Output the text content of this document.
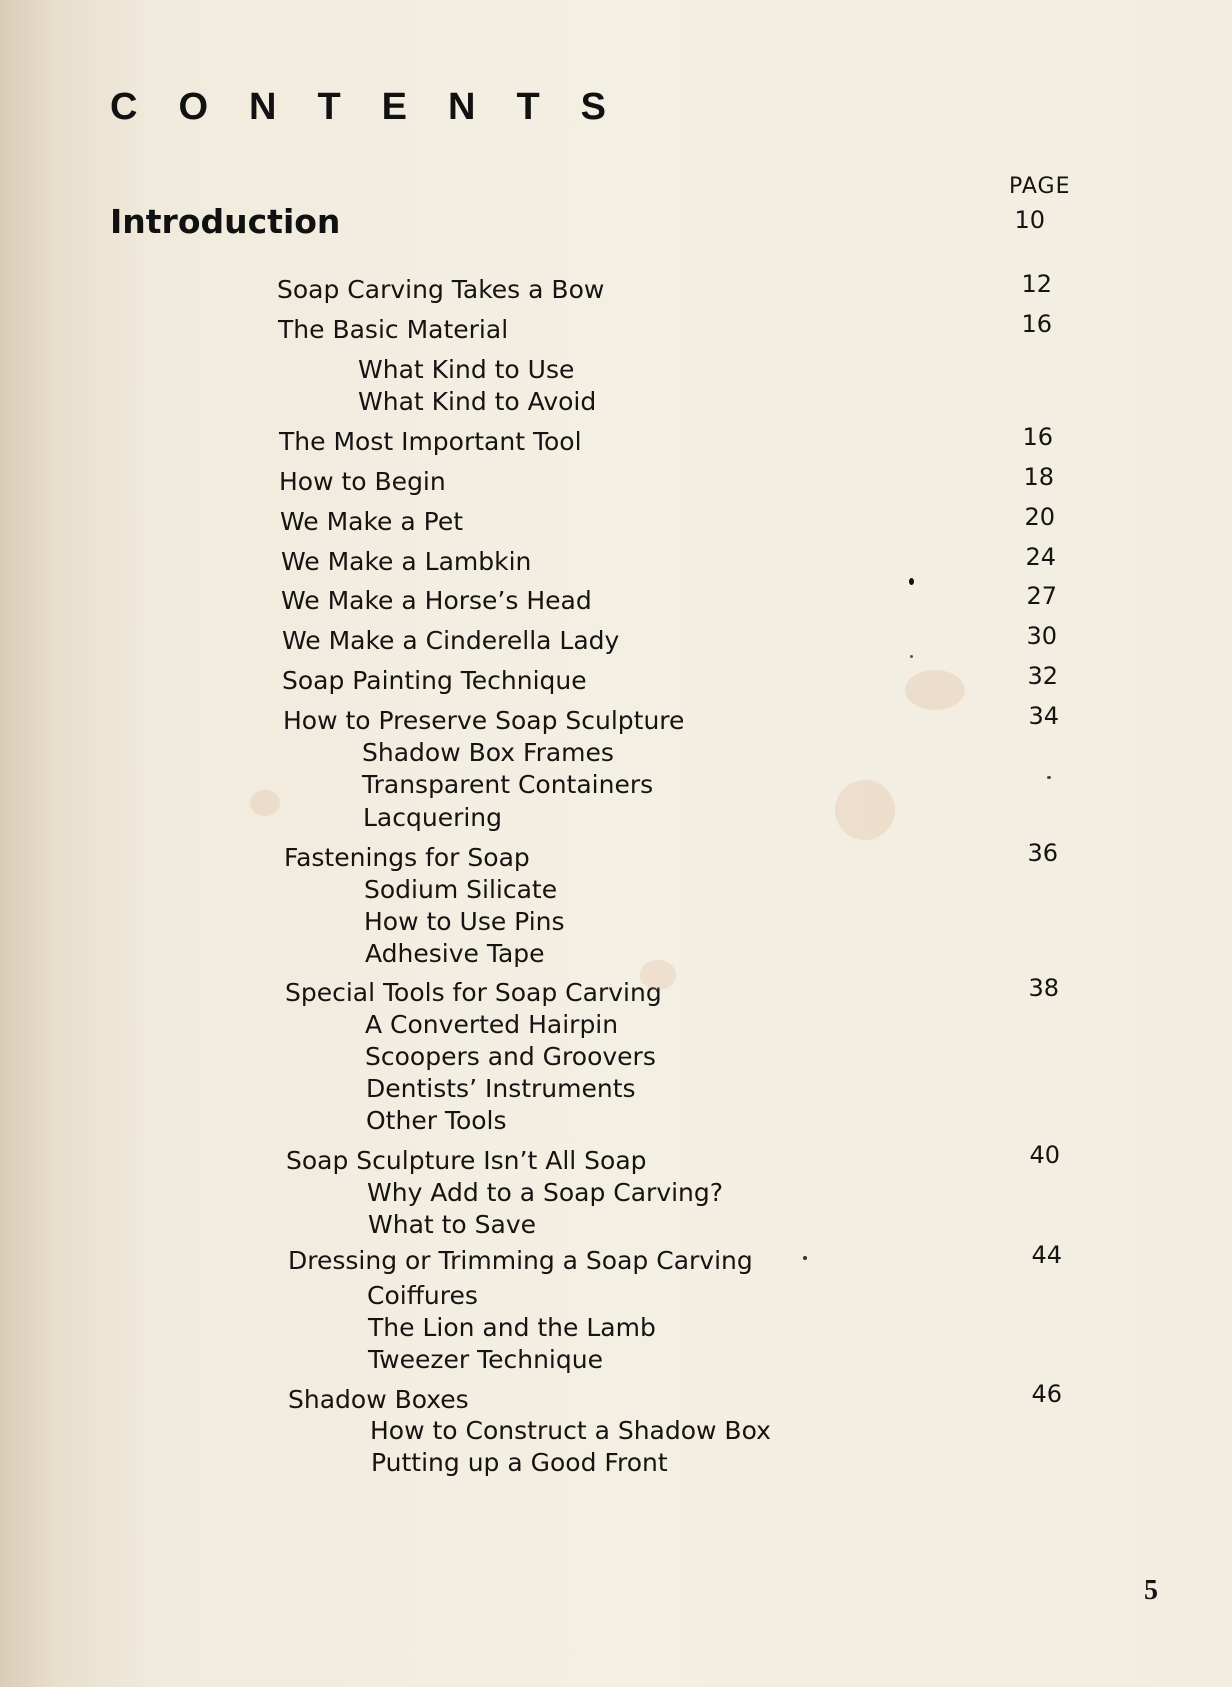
CONTENTS
PAGE
Introduction	10
Soap Carving Takes a Bow	12
The Basic Material	16
What Kind to Use
What Kind to Avoid
The Most Important Tool	16
How to Begin	18
We Make a Pet	20
We Make a Lambkin	24
We Make a Horse’s Head	27
We Make a Cinderella Lady	30
Soap Painting Technique	32
How to Preserve Soap Sculpture	34
Shadow Box Frames
Transparent Containers
Lacquering
Fastenings for Soap	36
Sodium Silicate
How to Use Pins
Adhesive Tape
Special Tools for Soap Carving	38
A Converted Hairpin
Scoopers and Groovers
Dentists’ Instruments
Other Tools
Soap Sculpture Isn’t All Soap	40
Why Add to a Soap Carving?
What to Save
Dressing or Trimming a Soap Carving	44
Coiffures
The Lion and the Lamb
Tweezer Technique
Shadow Boxes	46
How to Construct a Shadow Box
Putting up a Good Front
5
